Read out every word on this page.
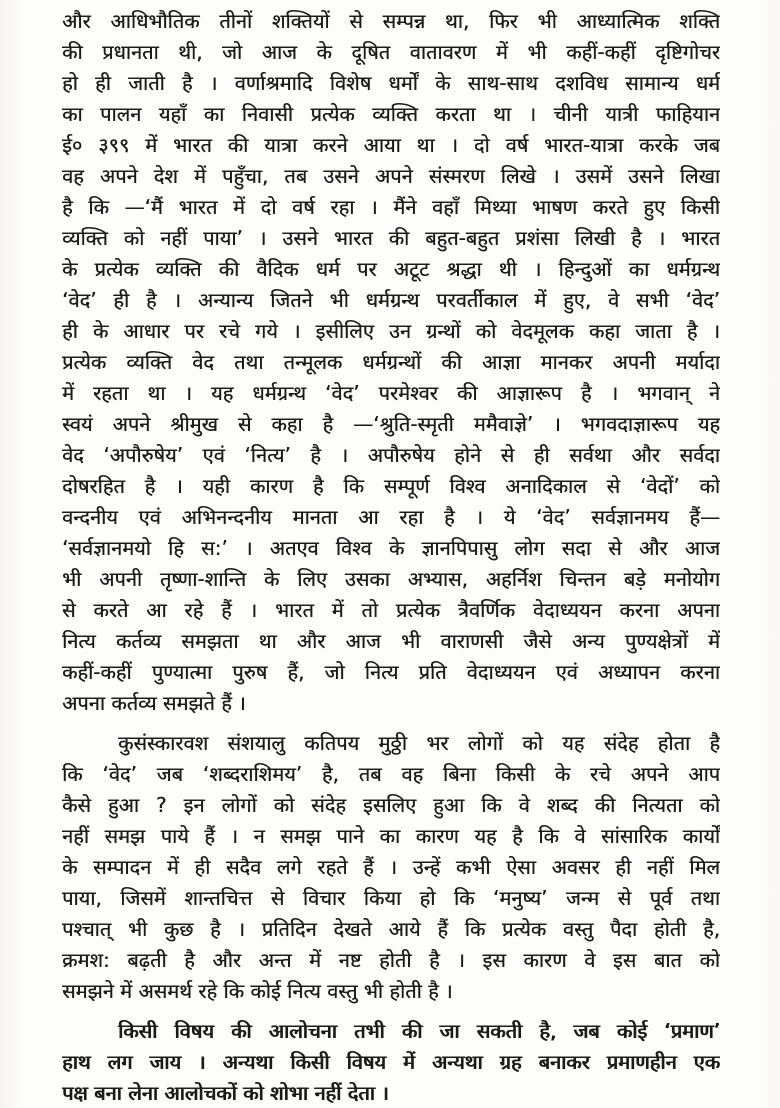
और आधिभौतिक तीनों शक्तियों से सम्पन्न था, फिर भी आध्यात्मिक शक्ति
की प्रधानता थी, जो आज के दूषित वातावरण में भी कहीं-कहीं दृष्टिगोचर
हो ही जाती है । वर्णाश्रमादि विशेष धर्मों के साथ-साथ दशविध सामान्य धर्म
का पालन यहाँ का निवासी प्रत्येक व्यक्ति करता था । चीनी यात्री फाहियान
ई० ३९९ में भारत की यात्रा करने आया था । दो वर्ष भारत-यात्रा करके जब
वह अपने देश में पहुँचा, तब उसने अपने संस्मरण लिखे । उसमें उसने लिखा
है कि —‘मैं भारत में दो वर्ष रहा । मैंने वहाँ मिथ्या भाषण करते हुए किसी
व्यक्ति को नहीं पाया’ । उसने भारत की बहुत-बहुत प्रशंसा लिखी है । भारत
के प्रत्येक व्यक्ति की वैदिक धर्म पर अटूट श्रद्धा थी । हिन्दुओं का धर्मग्रन्थ
‘वेद’ ही है । अन्यान्य जितने भी धर्मग्रन्थ परवर्तीकाल में हुए, वे सभी ‘वेद’
ही के आधार पर रचे गये । इसीलिए उन ग्रन्थों को वेदमूलक कहा जाता है ।
प्रत्येक व्यक्ति वेद तथा तन्मूलक धर्मग्रन्थों की आज्ञा मानकर अपनी मर्यादा
में रहता था । यह धर्मग्रन्थ ‘वेद’ परमेश्वर की आज्ञारूप है । भगवान् ने
स्वयं अपने श्रीमुख से कहा है —‘श्रुति-स्मृती ममैवाज्ञे’ । भगवदाज्ञारूप यह
वेद ‘अपौरुषेय’ एवं ‘नित्य’ है । अपौरुषेय होने से ही सर्वथा और सर्वदा
दोषरहित है । यही कारण है कि सम्पूर्ण विश्व अनादिकाल से ‘वेदों’ को
वन्दनीय एवं अभिनन्दनीय मानता आ रहा है । ये ‘वेद’ सर्वज्ञानमय हैं—
‘सर्वज्ञानमयो हि स:’ । अतएव विश्व के ज्ञानपिपासु लोग सदा से और आज
भी अपनी तृष्णा-शान्ति के लिए उसका अभ्यास, अहर्निश चिन्तन बड़े मनोयोग
से करते आ रहे हैं । भारत में तो प्रत्येक त्रैवर्णिक वेदाध्ययन करना अपना
नित्य कर्तव्य समझता था और आज भी वाराणसी जैसे अन्य पुण्यक्षेत्रों में
कहीं-कहीं पुण्यात्मा पुरुष हैं, जो नित्य प्रति वेदाध्ययन एवं अध्यापन करना
अपना कर्तव्य समझते हैं ।

कुसंस्कारवश संशयालु कतिपय मुठ्ठी भर लोगों को यह संदेह होता है
कि ‘वेद’ जब ‘शब्दराशिमय’ है, तब वह बिना किसी के रचे अपने आप
कैसे हुआ ? इन लोगों को संदेह इसलिए हुआ कि वे शब्द की नित्यता को
नहीं समझ पाये हैं । न समझ पाने का कारण यह है कि वे सांसारिक कार्यों
के सम्पादन में ही सदैव लगे रहते हैं । उन्हें कभी ऐसा अवसर ही नहीं मिल
पाया, जिसमें शान्तचित्त से विचार किया हो कि ‘मनुष्य’ जन्म से पूर्व तथा
पश्चात् भी कुछ है । प्रतिदिन देखते आये हैं कि प्रत्येक वस्तु पैदा होती है,
क्रमश: बढ़ती है और अन्त में नष्ट होती है । इस कारण वे इस बात को
समझने में असमर्थ रहे कि कोई नित्य वस्तु भी होती है ।

किसी विषय की आलोचना तभी की जा सकती है, जब कोई ‘प्रमाण’
हाथ लग जाय । अन्यथा किसी विषय में अन्यथा ग्रह बनाकर प्रमाणहीन एक
पक्ष बना लेना आलोचकों को शोभा नहीं देता ।
